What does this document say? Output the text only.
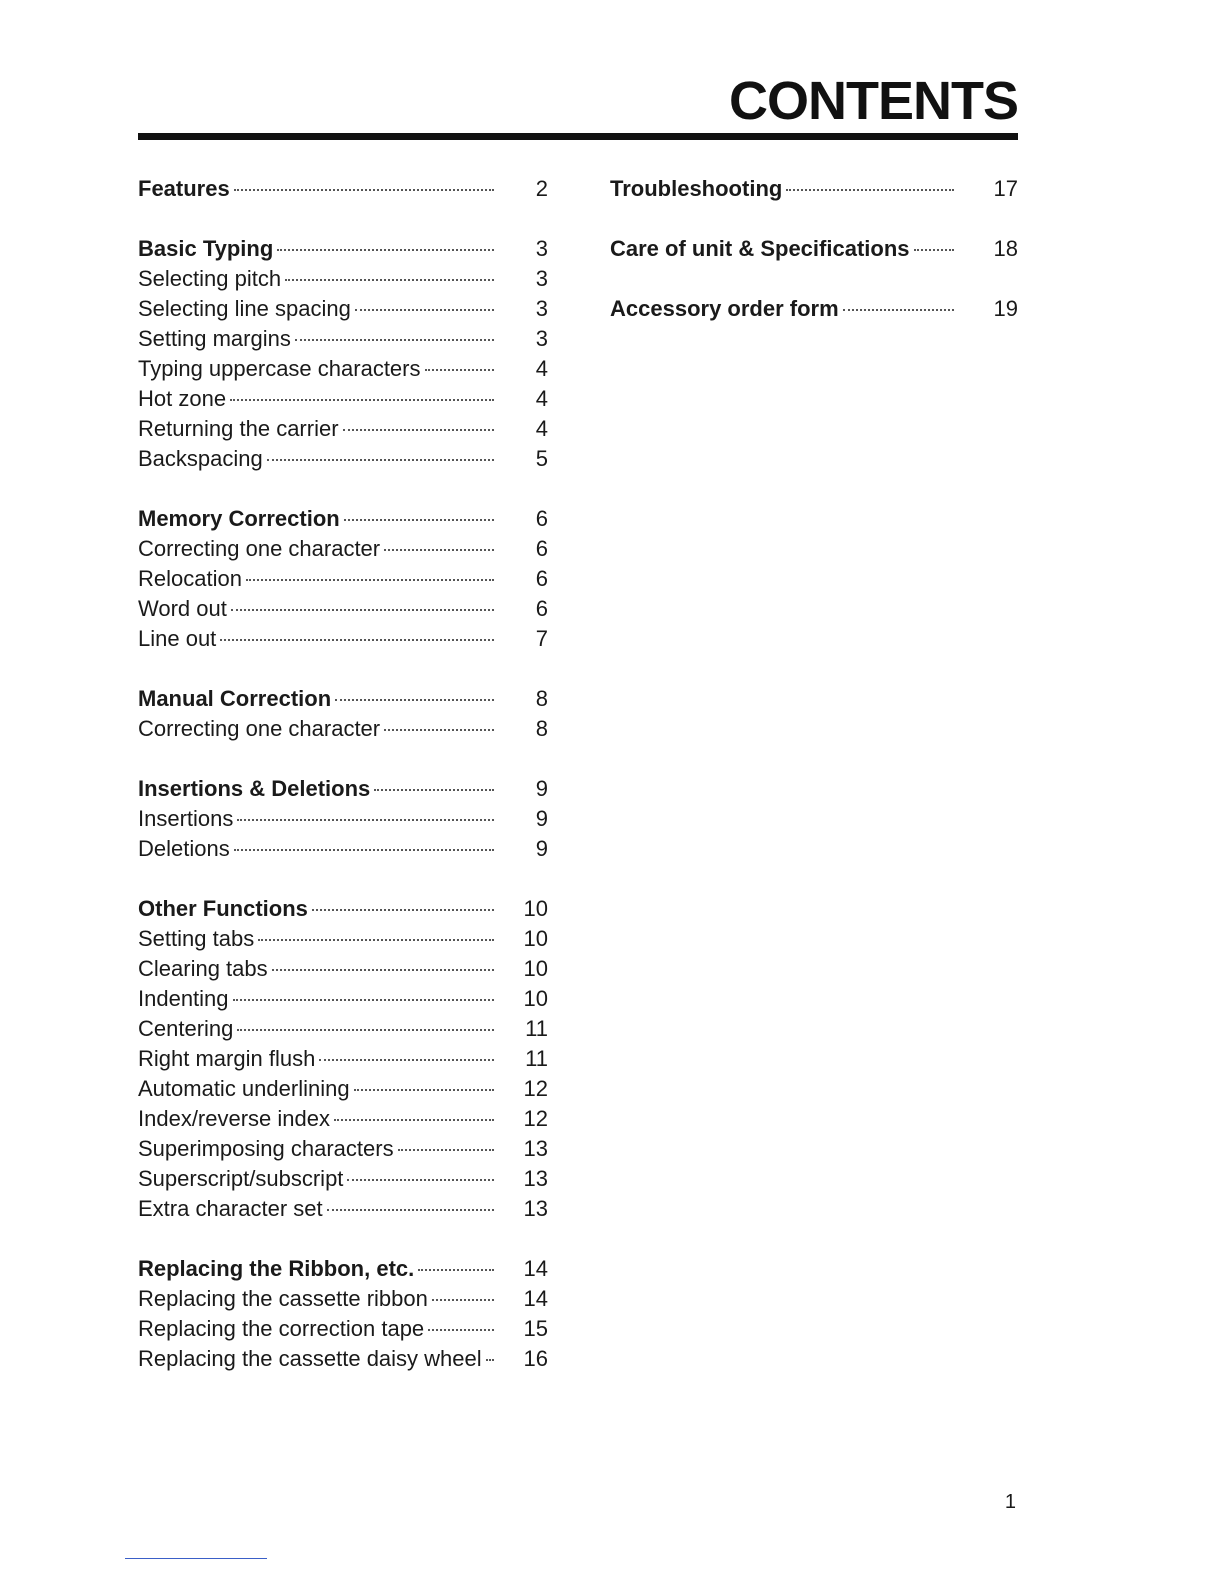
CONTENTS
Features	2
Basic Typing	3
Selecting pitch	3
Selecting line spacing	3
Setting margins	3
Typing uppercase characters	4
Hot zone	4
Returning the carrier	4
Backspacing	5
Memory Correction	6
Correcting one character	6
Relocation	6
Word out	6
Line out	7
Manual Correction	8
Correcting one character	8
Insertions & Deletions	9
Insertions	9
Deletions	9
Other Functions	10
Setting tabs	10
Clearing tabs	10
Indenting	10
Centering	11
Right margin flush	11
Automatic underlining	12
Index/reverse index	12
Superimposing characters	13
Superscript/subscript	13
Extra character set	13
Replacing the Ribbon, etc.	14
Replacing the cassette ribbon	14
Replacing the correction tape	15
Replacing the cassette daisy wheel	16
Troubleshooting	17
Care of unit & Specifications	18
Accessory order form	19
1
